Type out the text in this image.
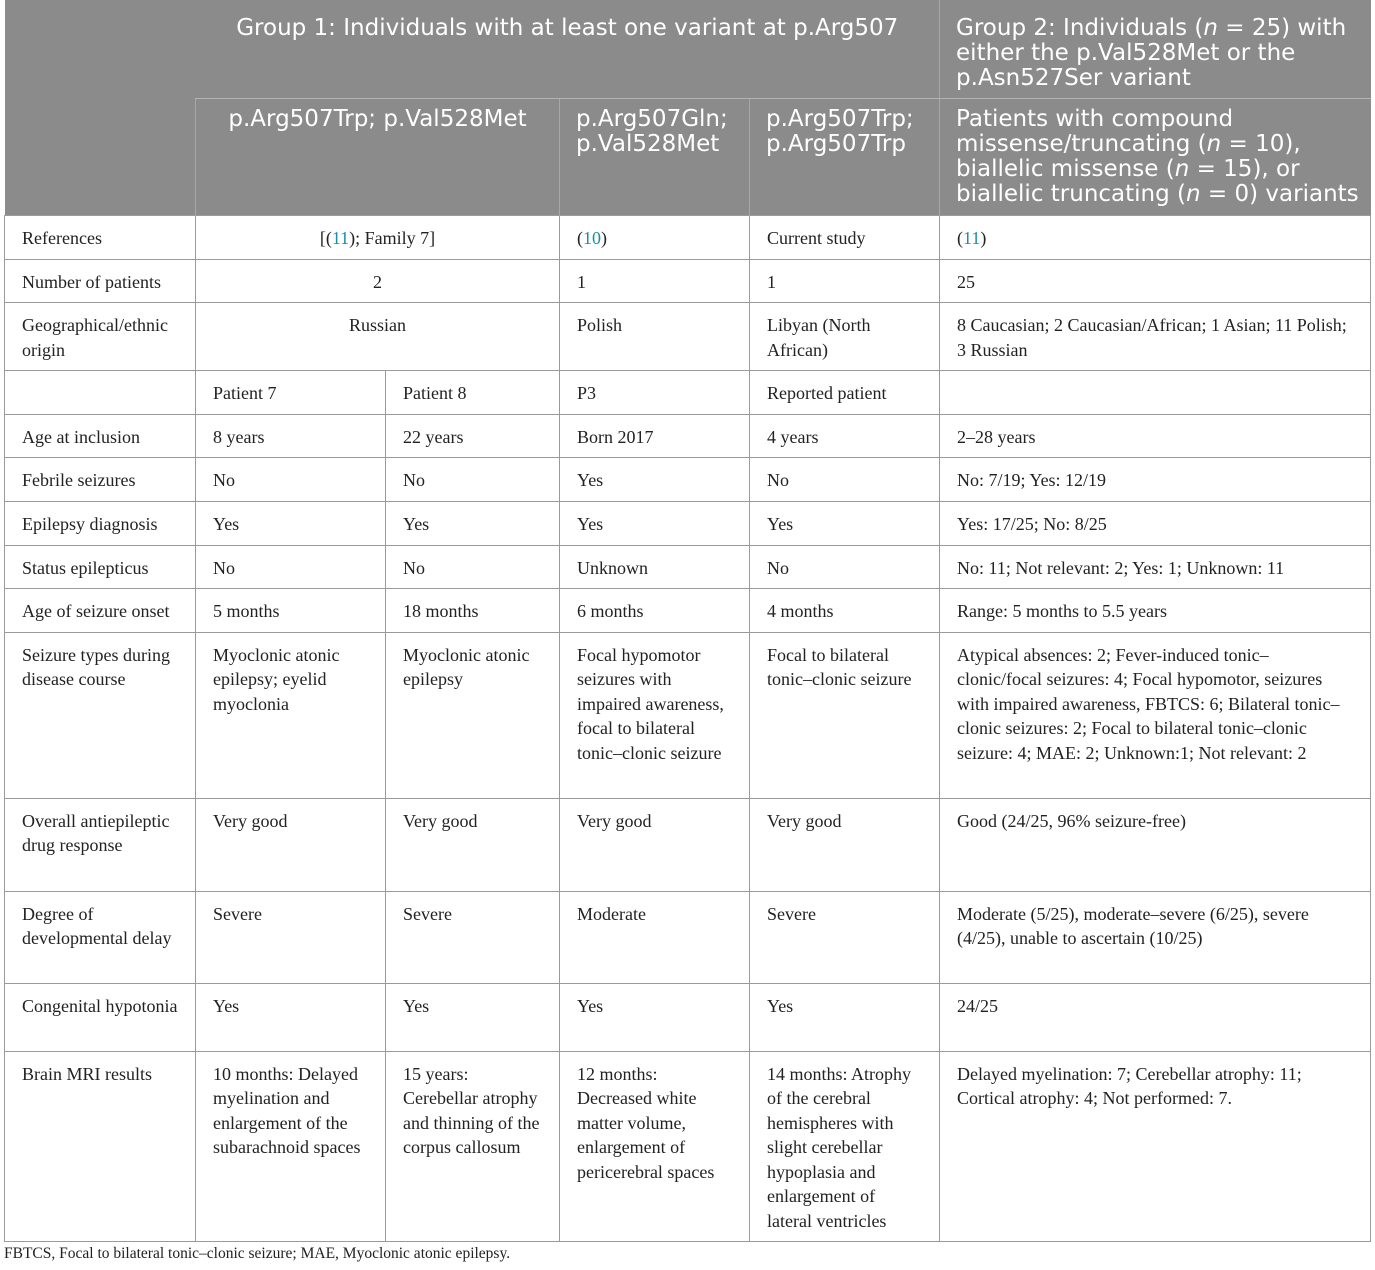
	Group 1: Individuals with at least one variant at p.Arg507				Group 2: Individuals (n = 25) with either the p.Val528Met or the p.Asn527Ser variant
	p.Arg507Trp; p.Val528Met		p.Arg507Gln; p.Val528Met	p.Arg507Trp; p.Arg507Trp	Patients with compound missense/truncating (n = 10), biallelic missense (n = 15), or biallelic truncating (n = 0) variants
References	[(11); Family 7]		(10)	Current study	(11)
Number of patients	2		1	1	25
Geographical/ethnic origin	Russian		Polish	Libyan (North African)	8 Caucasian; 2 Caucasian/African; 1 Asian; 11 Polish; 3 Russian
	Patient 7	Patient 8	P3	Reported patient	
Age at inclusion	8 years	22 years	Born 2017	4 years	2–28 years
Febrile seizures	No	No	Yes	No	No: 7/19; Yes: 12/19
Epilepsy diagnosis	Yes	Yes	Yes	Yes	Yes: 17/25; No: 8/25
Status epilepticus	No	No	Unknown	No	No: 11; Not relevant: 2; Yes: 1; Unknown: 11
Age of seizure onset	5 months	18 months	6 months	4 months	Range: 5 months to 5.5 years
Seizure types during disease course	Myoclonic atonic epilepsy; eyelid myoclonia	Myoclonic atonic epilepsy	Focal hypomotor seizures with impaired awareness, focal to bilateral tonic–clonic seizure	Focal to bilateral tonic–clonic seizure	Atypical absences: 2; Fever-induced tonic–clonic/focal seizures: 4; Focal hypomotor, seizures with impaired awareness, FBTCS: 6; Bilateral tonic–clonic seizures: 2; Focal to bilateral tonic–clonic seizure: 4; MAE: 2; Unknown:1; Not relevant: 2
Overall antiepileptic drug response	Very good	Very good	Very good	Very good	Good (24/25, 96% seizure-free)
Degree of developmental delay	Severe	Severe	Moderate	Severe	Moderate (5/25), moderate–severe (6/25), severe (4/25), unable to ascertain (10/25)
Congenital hypotonia	Yes	Yes	Yes	Yes	24/25
Brain MRI results	10 months: Delayed myelination and enlargement of the subarachnoid spaces	15 years: Cerebellar atrophy and thinning of the corpus callosum	12 months: Decreased white matter volume, enlargement of pericerebral spaces	14 months: Atrophy of the cerebral hemispheres with slight cerebellar hypoplasia and enlargement of lateral ventricles	Delayed myelination: 7; Cerebellar atrophy: 11; Cortical atrophy: 4; Not performed: 7.
FBTCS, Focal to bilateral tonic–clonic seizure; MAE, Myoclonic atonic epilepsy.
